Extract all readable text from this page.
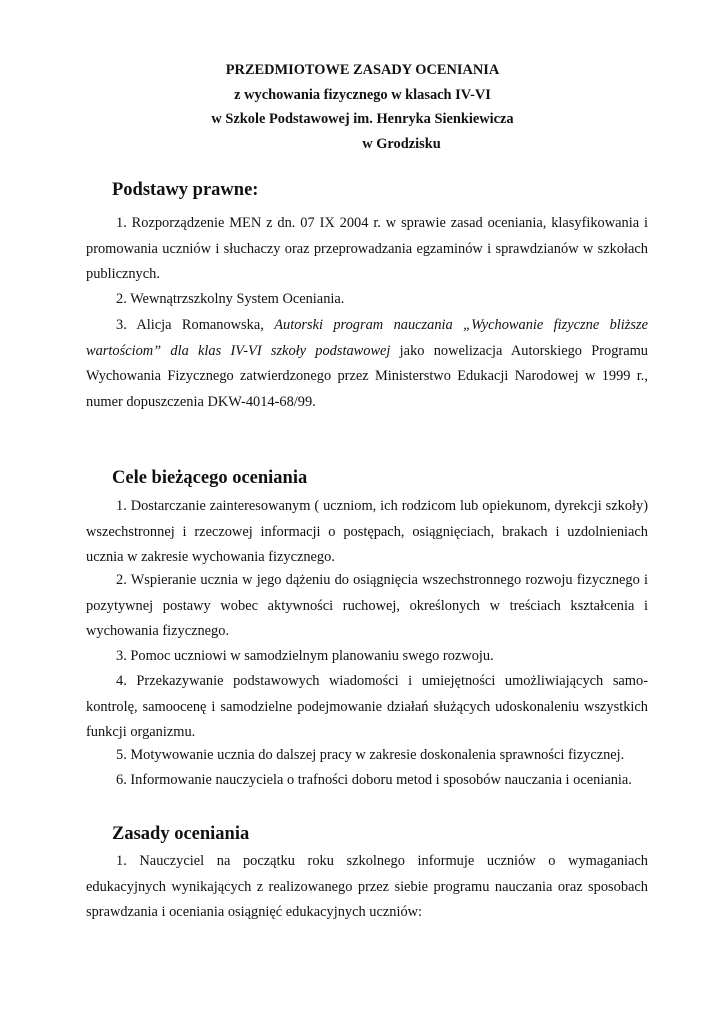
PRZEDMIOTOWE ZASADY OCENIANIA
z wychowania fizycznego w klasach IV-VI
w Szkole Podstawowej im. Henryka Sienkiewicza
w Grodzisku
Podstawy prawne:

1. Rozporządzenie MEN z dn. 07 IX 2004 r. w sprawie zasad oceniania, klasyfikowania i promowania uczniów i słuchaczy oraz przeprowadzania egzaminów i sprawdzianów w szkołach publicznych.

2. Wewnątrzszkolny System Oceniania.

3. Alicja Romanowska, Autorski program nauczania „Wychowanie fizyczne bliższe wartościom” dla klas IV-VI szkoły podstawowej jako nowelizacja Autorskiego Programu Wychowania Fizycznego zatwierdzonego przez Ministerstwo Edukacji Narodowej w 1999 r., numer dopuszczenia DKW-4014-68/99.

Cele bieżącego oceniania

1. Dostarczanie zainteresowanym ( uczniom, ich rodzicom lub opiekunom, dyrekcji szkoły) wszechstronnej i rzeczowej informacji o postępach, osiągnięciach, brakach i uzdolnieniach ucznia w zakresie wychowania fizycznego.

2. Wspieranie ucznia w jego dążeniu do osiągnięcia wszechstronnego rozwoju fizycznego i pozytywnej postawy wobec aktywności ruchowej, określonych w treściach kształcenia i wychowania fizycznego.

3. Pomoc uczniowi w samodzielnym planowaniu swego rozwoju.

4. Przekazywanie podstawowych wiadomości i umiejętności umożliwiających samo-kontrolę, samoocenę i samodzielne podejmowanie działań służących udoskonaleniu wszystkich funkcji organizmu.

5. Motywowanie ucznia do dalszej pracy w zakresie doskonalenia sprawności fizycznej.

6. Informowanie nauczyciela o trafności doboru metod i sposobów nauczania i oceniania.

Zasady oceniania

1. Nauczyciel na początku roku szkolnego informuje uczniów o wymaganiach edukacyjnych wynikających z realizowanego przez siebie programu nauczania oraz sposobach sprawdzania i oceniania osiągnięć edukacyjnych uczniów:
